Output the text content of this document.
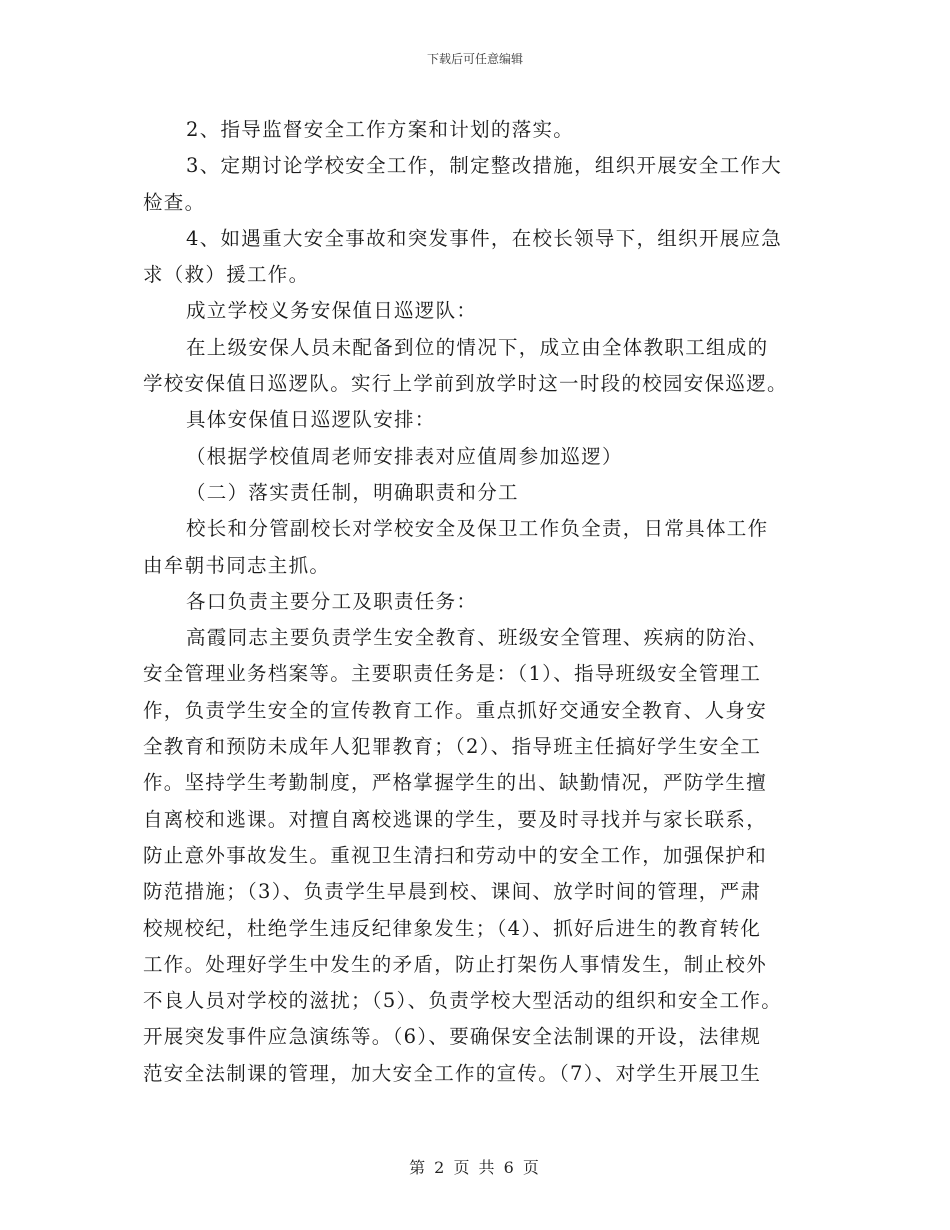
下载后可任意编辑
2、指导监督安全工作方案和计划的落实。
3、定期讨论学校安全工作，制定整改措施，组织开展安全工作大
检查。
4、如遇重大安全事故和突发事件，在校长领导下，组织开展应急
求（救）援工作。
成立学校义务安保值日巡逻队：
在上级安保人员未配备到位的情况下，成立由全体教职工组成的
学校安保值日巡逻队。实行上学前到放学时这一时段的校园安保巡逻。
具体安保值日巡逻队安排：
（根据学校值周老师安排表对应值周参加巡逻）
（二）落实责任制，明确职责和分工
校长和分管副校长对学校安全及保卫工作负全责，日常具体工作
由牟朝书同志主抓。
各口负责主要分工及职责任务：
高霞同志主要负责学生安全教育、班级安全管理、疾病的防治、
安全管理业务档案等。主要职责任务是：（1）、指导班级安全管理工
作，负责学生安全的宣传教育工作。重点抓好交通安全教育、人身安
全教育和预防未成年人犯罪教育；（2）、指导班主任搞好学生安全工
作。坚持学生考勤制度，严格掌握学生的出、缺勤情况，严防学生擅
自离校和逃课。对擅自离校逃课的学生，要及时寻找并与家长联系，
防止意外事故发生。重视卫生清扫和劳动中的安全工作，加强保护和
防范措施；（3）、负责学生早晨到校、课间、放学时间的管理，严肃
校规校纪，杜绝学生违反纪律象发生；（4）、抓好后进生的教育转化
工作。处理好学生中发生的矛盾，防止打架伤人事情发生，制止校外
不良人员对学校的滋扰；（5）、负责学校大型活动的组织和安全工作。
开展突发事件应急演练等。（6）、要确保安全法制课的开设，法律规
范安全法制课的管理，加大安全工作的宣传。（7）、对学生开展卫生
第 2 页 共 6 页
